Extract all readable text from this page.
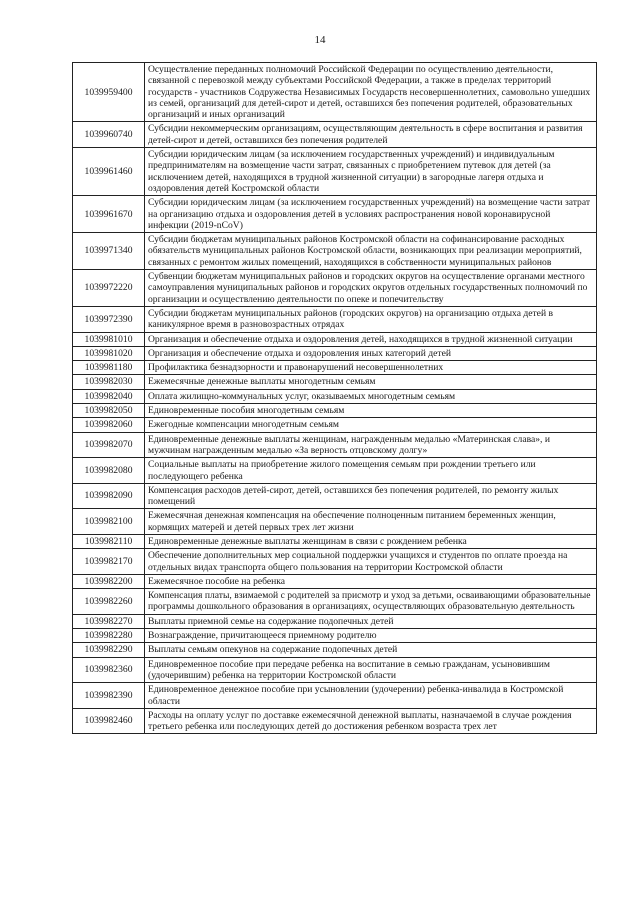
14
1039959400	Осуществление переданных полномочий Российской Федерации по осуществлению деятельности, связанной с перевозкой между субъектами Российской Федерации, а также в пределах территорий государств - участников Содружества Независимых Государств несовершеннолетних, самовольно ушедших из семей, организаций для детей-сирот и детей, оставшихся без попечения родителей, образовательных организаций и иных организаций
1039960740	Субсидии некоммерческим организациям, осуществляющим деятельность в сфере воспитания и развития детей-сирот и детей, оставшихся без попечения родителей
1039961460	Субсидии юридическим лицам (за исключением государственных учреждений) и индивидуальным предпринимателям на возмещение части затрат, связанных с приобретением путевок для детей (за исключением детей, находящихся в трудной жизненной ситуации) в загородные лагеря отдыха и оздоровления детей Костромской области
1039961670	Субсидии юридическим лицам (за исключением государственных учреждений) на возмещение части затрат на организацию отдыха и оздоровления детей в условиях распространения новой коронавирусной инфекции (2019-nCoV)
1039971340	Субсидии бюджетам муниципальных районов Костромской области на софинансирование расходных обязательств муниципальных районов Костромской области, возникающих при реализации мероприятий, связанных с ремонтом жилых помещений, находящихся в собственности муниципальных районов
1039972220	Субвенции бюджетам муниципальных районов и городских округов на осуществление органами местного самоуправления муниципальных районов и городских округов отдельных государственных полномочий по организации и осуществлению деятельности по опеке и попечительству
1039972390	Субсидии бюджетам муниципальных районов (городских округов) на организацию отдыха детей в каникулярное время в разновозрастных отрядах
1039981010	Организация и обеспечение отдыха и оздоровления детей, находящихся в трудной жизненной ситуации
1039981020	Организация и обеспечение отдыха и оздоровления иных категорий детей
1039981180	Профилактика безнадзорности и правонарушений несовершеннолетних
1039982030	Ежемесячные денежные выплаты многодетным семьям
1039982040	Оплата жилищно-коммунальных услуг, оказываемых многодетным семьям
1039982050	Единовременные пособия многодетным семьям
1039982060	Ежегодные компенсации многодетным семьям
1039982070	Единовременные денежные выплаты женщинам, награжденным медалью «Материнская слава», и мужчинам награжденным медалью «За верность отцовскому долгу»
1039982080	Социальные выплаты на приобретение жилого помещения семьям при рождении третьего или последующего ребенка
1039982090	Компенсация расходов детей-сирот, детей, оставшихся без попечения родителей, по ремонту жилых помещений
1039982100	Ежемесячная денежная компенсация на обеспечение полноценным питанием беременных женщин, кормящих матерей и детей первых трех лет жизни
1039982110	Единовременные денежные выплаты женщинам в связи с рождением ребенка
1039982170	Обеспечение дополнительных мер социальной поддержки учащихся и студентов по оплате проезда на отдельных видах транспорта общего пользования на территории Костромской области
1039982200	Ежемесячное пособие на ребенка
1039982260	Компенсация платы, взимаемой с родителей за присмотр и уход за детьми, осваивающими образовательные программы дошкольного образования в организациях, осуществляющих образовательную деятельность
1039982270	Выплаты приемной семье на содержание подопечных детей
1039982280	Вознаграждение, причитающееся приемному родителю
1039982290	Выплаты семьям опекунов на содержание подопечных детей
1039982360	Единовременное пособие при передаче ребенка на воспитание в семью гражданам, усыновившим (удочерившим) ребенка на территории Костромской области
1039982390	Единовременное денежное пособие при усыновлении (удочерении) ребенка-инвалида в Костромской области
1039982460	Расходы на оплату услуг по доставке ежемесячной денежной выплаты, назначаемой в случае рождения третьего ребенка или последующих детей до достижения ребенком возраста трех лет
